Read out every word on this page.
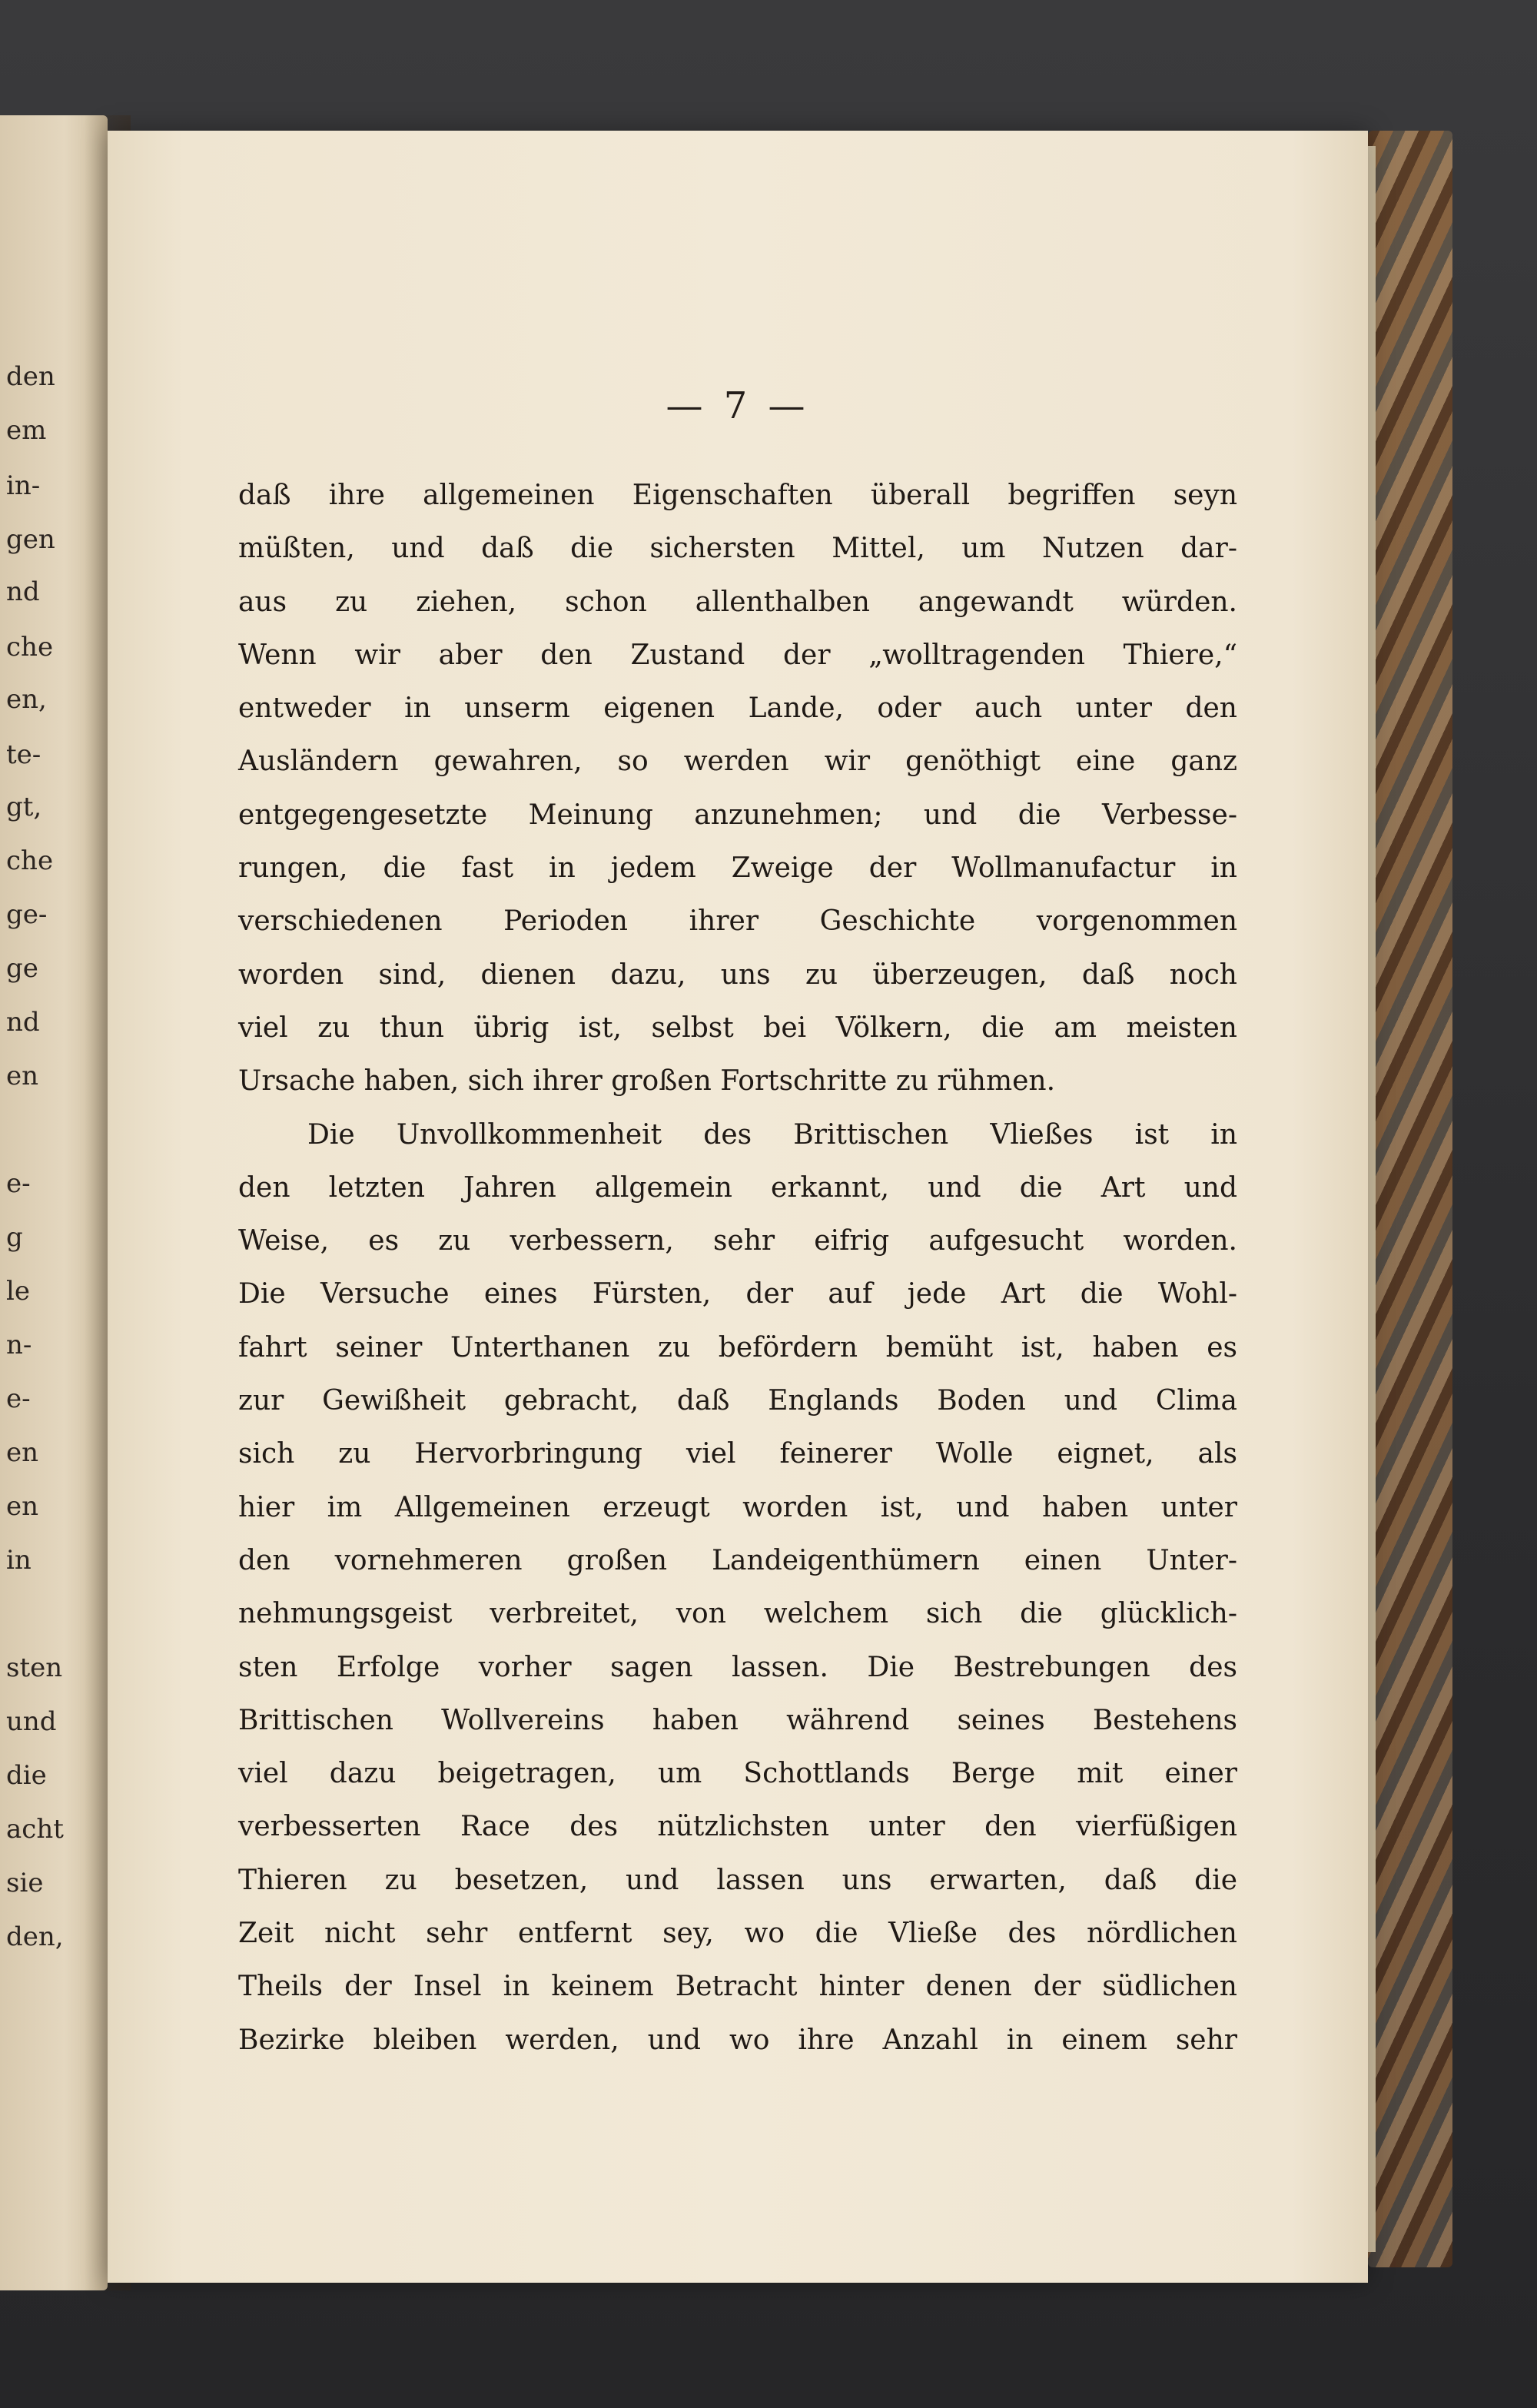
den
em
in-
gen
nd
che
en,
te-
gt,
che
ge-
ge
nd
en
e-
g
le
n-
e-
en
en
in
sten
und
die
acht
sie
den,
— 7 —
daß ihre allgemeinen Eigenschaften überall begriffen seyn
müßten, und daß die sichersten Mittel, um Nutzen dar-
aus zu ziehen, schon allenthalben angewandt würden.
Wenn wir aber den Zustand der „wolltragenden Thiere,“
entweder in unserm eigenen Lande, oder auch unter den
Ausländern gewahren, so werden wir genöthigt eine ganz
entgegengesetzte Meinung anzunehmen; und die Verbesse-
rungen, die fast in jedem Zweige der Wollmanufactur in
verschiedenen Perioden ihrer Geschichte vorgenommen
worden sind, dienen dazu, uns zu überzeugen, daß noch
viel zu thun übrig ist, selbst bei Völkern, die am meisten
Ursache haben, sich ihrer großen Fortschritte zu rühmen.
Die Unvollkommenheit des Brittischen Vließes ist in
den letzten Jahren allgemein erkannt, und die Art und
Weise, es zu verbessern, sehr eifrig aufgesucht worden.
Die Versuche eines Fürsten, der auf jede Art die Wohl-
fahrt seiner Unterthanen zu befördern bemüht ist, haben es
zur Gewißheit gebracht, daß Englands Boden und Clima
sich zu Hervorbringung viel feinerer Wolle eignet, als
hier im Allgemeinen erzeugt worden ist, und haben unter
den vornehmeren großen Landeigenthümern einen Unter-
nehmungsgeist verbreitet, von welchem sich die glücklich-
sten Erfolge vorher sagen lassen. Die Bestrebungen des
Brittischen Wollvereins haben während seines Bestehens
viel dazu beigetragen, um Schottlands Berge mit einer
verbesserten Race des nützlichsten unter den vierfüßigen
Thieren zu besetzen, und lassen uns erwarten, daß die
Zeit nicht sehr entfernt sey, wo die Vließe des nördlichen
Theils der Insel in keinem Betracht hinter denen der südlichen
Bezirke bleiben werden, und wo ihre Anzahl in einem sehr
